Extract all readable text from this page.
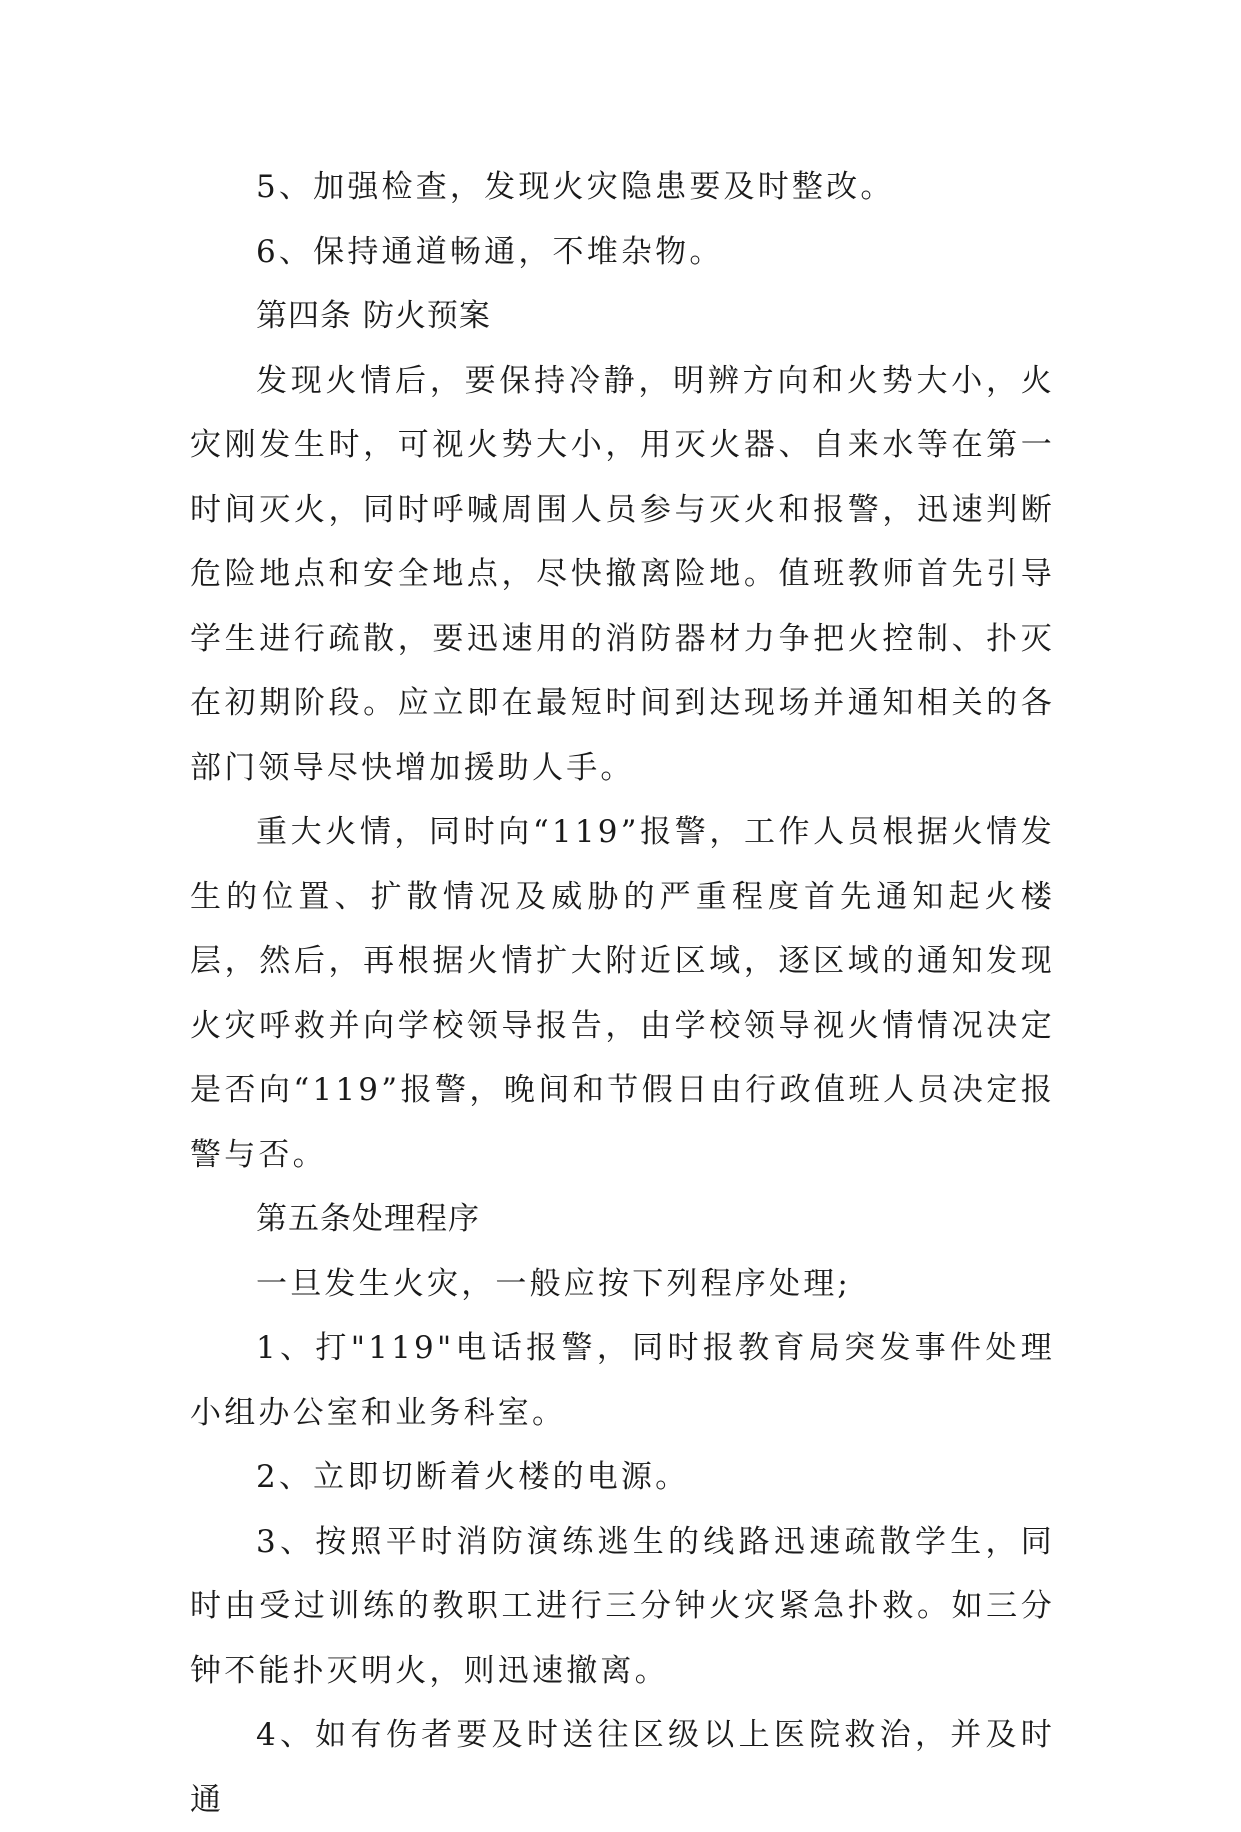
5、加强检查，发现火灾隐患要及时整改。

6、保持通道畅通，不堆杂物。

第四条 防火预案

发现火情后，要保持冷静，明辨方向和火势大小，火灾刚发生时，可视火势大小，用灭火器、自来水等在第一时间灭火，同时呼喊周围人员参与灭火和报警，迅速判断危险地点和安全地点，尽快撤离险地。值班教师首先引导学生进行疏散，要迅速用的消防器材力争把火控制、扑灭在初期阶段。应立即在最短时间到达现场并通知相关的各部门领导尽快增加援助人手。

重大火情，同时向“119”报警，工作人员根据火情发生的位置、扩散情况及威胁的严重程度首先通知起火楼层，然后，再根据火情扩大附近区域，逐区域的通知发现火灾呼救并向学校领导报告，由学校领导视火情情况决定是否向“119”报警，晚间和节假日由行政值班人员决定报警与否。

第五条处理程序

一旦发生火灾，一般应按下列程序处理;

1、打"119"电话报警，同时报教育局突发事件处理小组办公室和业务科室。

2、立即切断着火楼的电源。

3、按照平时消防演练逃生的线路迅速疏散学生，同时由受过训练的教职工进行三分钟火灾紧急扑救。如三分钟不能扑灭明火，则迅速撤离。

4、如有伤者要及时送往区级以上医院救治，并及时通
